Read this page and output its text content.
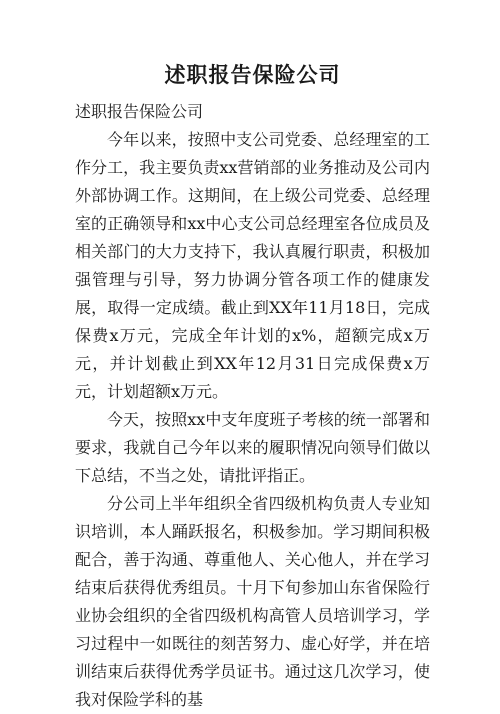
述职报告保险公司

述职报告保险公司

今年以来，按照中支公司党委、总经理室的工作分工，我主要负责xx营销部的业务推动及公司内外部协调工作。这期间，在上级公司党委、总经理室的正确领导和xx中心支公司总经理室各位成员及相关部门的大力支持下，我认真履行职责，积极加强管理与引导，努力协调分管各项工作的健康发展，取得一定成绩。截止到XX年11月18日，完成保费x万元，完成全年计划的x%，超额完成x万元，并计划截止到XX年12月31日完成保费x万元，计划超额x万元。

今天，按照xx中支年度班子考核的统一部署和要求，我就自己今年以来的履职情况向领导们做以下总结，不当之处，请批评指正。

分公司上半年组织全省四级机构负责人专业知识培训，本人踊跃报名，积极参加。学习期间积极配合，善于沟通、尊重他人、关心他人，并在学习结束后获得优秀组员。十月下旬参加山东省保险行业协会组织的全省四级机构高管人员培训学习，学习过程中一如既往的刻苦努力、虚心好学，并在培训结束后获得优秀学员证书。通过这几次学习，使我对保险学科的基
